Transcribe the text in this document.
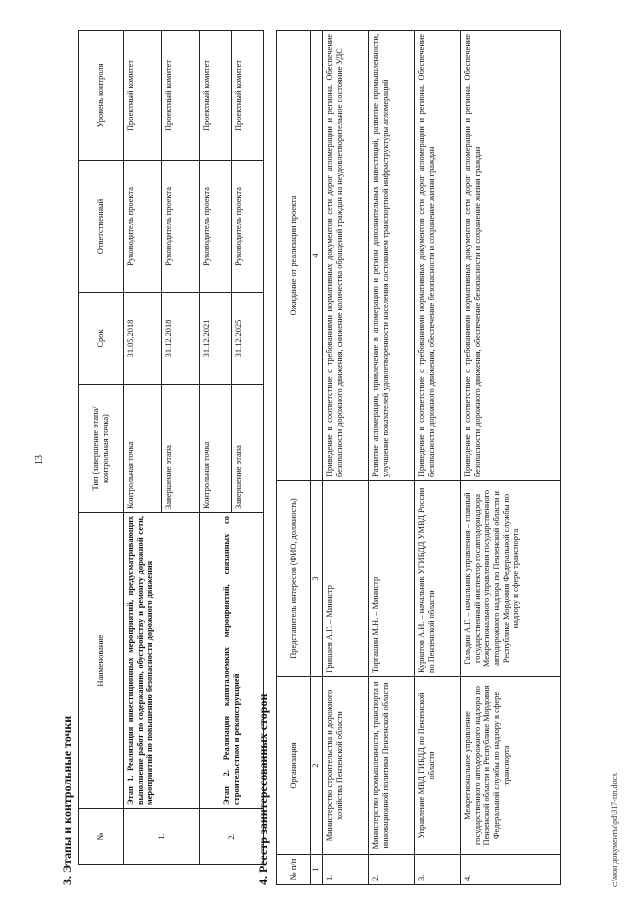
13
3. Этапы и контрольные точки	№	Наименование	Тип (завершение этапа/контрольная точка)	Срок	Ответственный	Уровень контроля
1.	Этап 1. Реализация инвестиционных мероприятий, предусматривающих выполнение работ по содержанию, обустройству и ремонту дорожной сети, мероприятий по повышению безопасности дорожного движения	Контрольная точка	31.05.2018	Руководитель проекта	Проектный комитет
		Завершение этапа	31.12.2018	Руководитель проекта	Проектный комитет
2.	Этап 2. Реализация капиталоемких мероприятий, связанных со строительством и реконструкцией	Контрольная точка	31.12.2021	Руководитель проекта	Проектный комитет
		Завершение этапа	31.12.2025	Руководитель проекта	Проектный комитет
4. Реестр заинтересованных сторон № п/п	Организация	Представитель интересов (ФИО, должность)	Ожидание от реализации проекта
1	2	3	4
1.	Министерство строительства и дорожного хозяйства Пензенской области	Гришаев А.Г. – Министр	Приведение в соответствие с требованиями нормативных документов сети дорог агломерации и региона. Обеспечение безопасности дорожного движения, снижение количества обращений граждан на неудовлетворительное состояние УДС
2.	Министерство промышленности, транспорта и инновационной политики Пензенской области	Торгашин М.Н. – Министр	Развитие агломерации, привлечение в агломерацию и регион дополнительных инвестиций, развитие промышленности, улучшение показателей удовлетворенности населения состоянием транспортной инфраструктуры агломераций
3.	Управление МВД ГИБДД по Пензенской области	Курнатов А.И. – начальник УГИБДД УМВД России по Пензенской области	Приведение в соответствие с требованиями нормативных документов сети дорог агломерации и региона. Обеспечение безопасности дорожного движения, обеспечение безопасности и сохранение жизни граждан
4.	Межрегиональное управление государственного автодорожного надзора по Пензенской области и Республике Мордовия Федеральной службы по надзору в сфере транспорта	Гальдин А.Г. – начальник управления – главный государственный инспектор госавтодорнадзора Межрегионального управления государственного автодорожного надзора по Пензенской области и Республике Мордовия Федеральной службы по надзору в сфере транспорта	Приведение в соответствие с требованиями нормативных документов сети дорог агломерации и региона. Обеспечение безопасности дорожного движения, обеспечение безопасности и сохранение жизни граждан
c:\мои документы\pd\317-пп.docx
